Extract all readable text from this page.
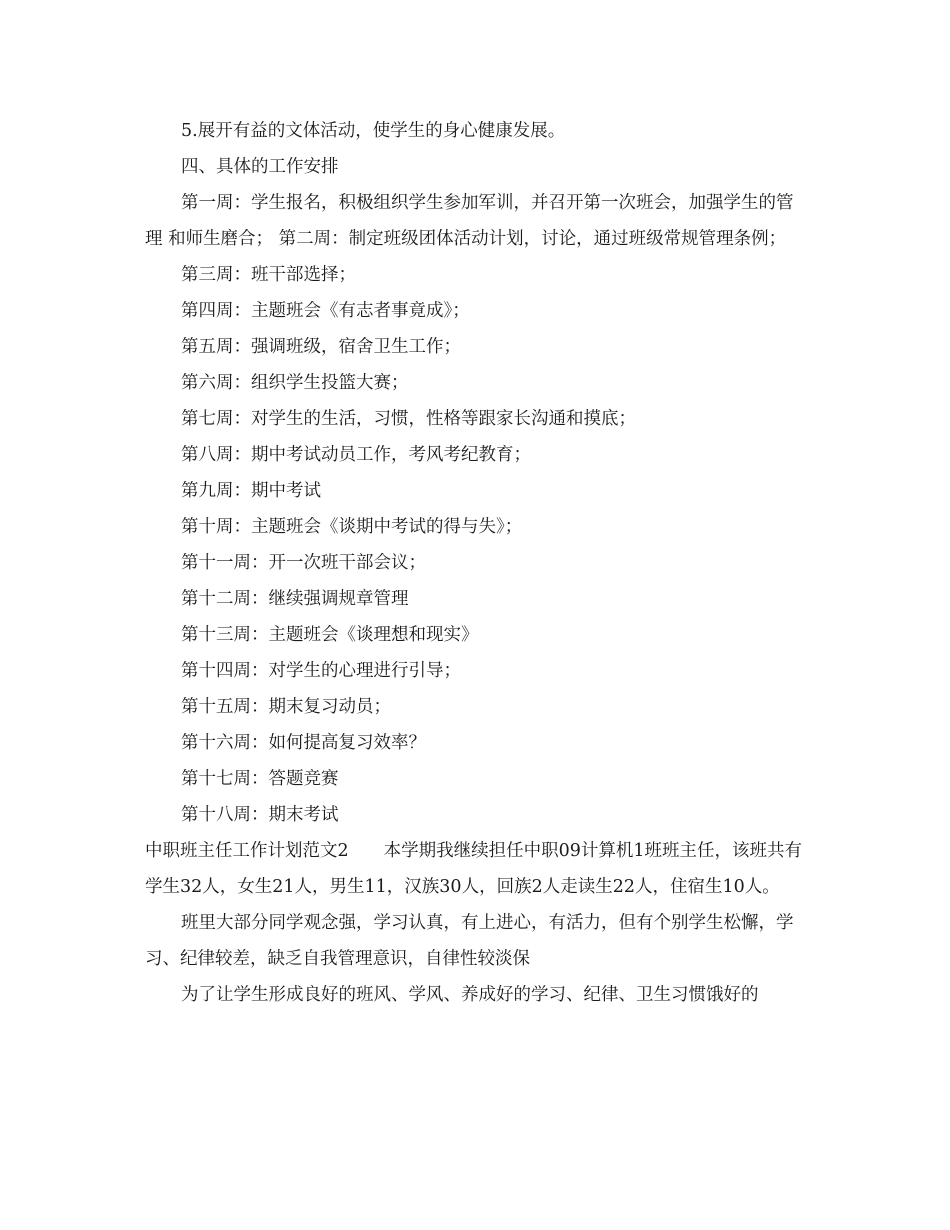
5.展开有益的文体活动，使学生的身心健康发展。

四、具体的工作安排

第一周：学生报名，积极组织学生参加军训，并召开第一次班会，加强学生的管理 和师生磨合； 第二周：制定班级团体活动计划，讨论，通过班级常规管理条例；

第三周：班干部选择；

第四周：主题班会《有志者事竟成》；

第五周：强调班级，宿舍卫生工作；

第六周：组织学生投篮大赛；

第七周：对学生的生活，习惯，性格等跟家长沟通和摸底；

第八周：期中考试动员工作，考风考纪教育；

第九周：期中考试

第十周：主题班会《谈期中考试的得与失》；

第十一周：开一次班干部会议；

第十二周：继续强调规章管理

第十三周：主题班会《谈理想和现实》

第十四周：对学生的心理进行引导；

第十五周：期末复习动员；

第十六周：如何提高复习效率？

第十七周：答题竞赛

第十八周：期末考试

中职班主任工作计划范文2　　本学期我继续担任中职09计算机1班班主任，该班共有学生32人，女生21人，男生11，汉族30人，回族2人走读生22人，住宿生10人。

班里大部分同学观念强，学习认真，有上进心，有活力，但有个别学生松懈，学习、纪律较差，缺乏自我管理意识，自律性较淡保

为了让学生形成良好的班风、学风、养成好的学习、纪律、卫生习惯饿好的
